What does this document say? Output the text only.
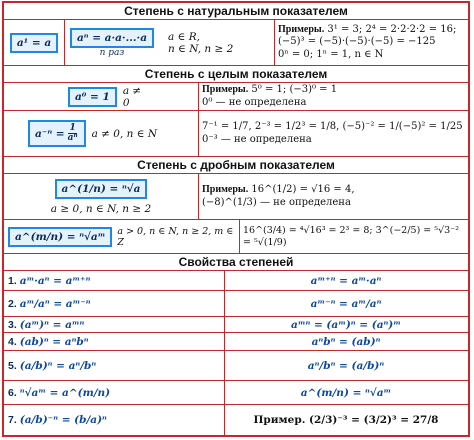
Степень с натуральным показателем
a¹ = a	aⁿ = a·a·...·a
n раз
a ∈ R,
n ∈ N, n ≥ 2
Примеры. 3¹ = 3; 2⁴ = 2·2·2·2 = 16;
(−5)³ = (−5)·(−5)·(−5) = −125
0ⁿ = 0; 1ⁿ = 1, n ∈ N
Степень с целым показателем
a⁰ = 1	a ≠ 0
Примеры. 5⁰ = 1; (−3)⁰ = 1
0⁰ — не определена
$a^{-n} = \frac{1}{\text{aⁿ}}$ a ≠ 0, n ∈ N
7⁻¹ = 1/7, 2⁻³ = 1/2³ = 1/8, (−5)⁻² = 1/(−5)² = 1/25
0⁻³ — не определена
Степень с дробным показателем
a^(1/n) = ⁿ√a
a ≥ 0, n ∈ N, n ≥ 2
Примеры. 16^(1/2) = √16 = 4,
(−8)^(1/3) — не определена
a^(m/n) = ⁿ√aᵐ	a > 0, n ∈ N, n ≥ 2, m ∈ Z
16^(3/4) = ⁴√16³ = 2³ = 8; 3^(−2/5) = ⁵√3⁻² = ⁵√(1/9)
Свойства степеней
1. aᵐ·aⁿ = aᵐ⁺ⁿ	aᵐ⁺ⁿ = aᵐ·aⁿ
2. aᵐ/aⁿ = aᵐ⁻ⁿ	aᵐ⁻ⁿ = aᵐ/aⁿ
3. (aᵐ)ⁿ = aᵐⁿ	aᵐⁿ = (aᵐ)ⁿ = (aⁿ)ᵐ
4. (ab)ⁿ = aⁿbⁿ	aⁿbⁿ = (ab)ⁿ
5. (a/b)ⁿ = aⁿ/bⁿ	aⁿ/bⁿ = (a/b)ⁿ
6. ⁿ√aᵐ = a^(m/n)	a^(m/n) = ⁿ√aᵐ
7. (a/b)⁻ⁿ = (b/a)ⁿ	Пример. (2/3)⁻³ = (3/2)³ = 27/8
